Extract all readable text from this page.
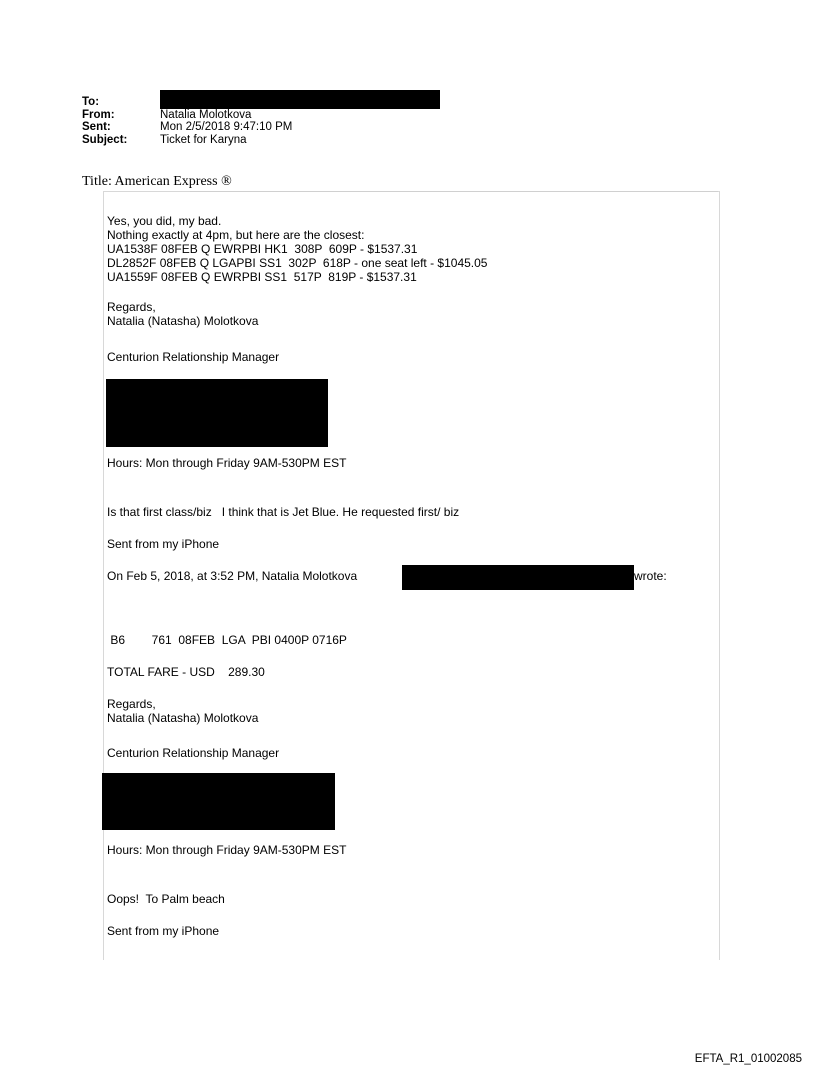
To:
From:	Natalia Molotkova
Sent:	Mon 2/5/2018 9:47:10 PM
Subject:	Ticket for Karyna
Title: American Express ®
Yes, you did, my bad.
Nothing exactly at 4pm, but here are the closest:
UA1538F 08FEB Q EWRPBI HK1  308P  609P - $1537.31
DL2852F 08FEB Q LGAPBI SS1  302P  618P - one seat left - $1045.05
UA1559F 08FEB Q EWRPBI SS1  517P  819P - $1537.31
Regards,
Natalia (Natasha) Molotkova
Centurion Relationship Manager
Hours: Mon through Friday 9AM-530PM EST
Is that first class/biz   I think that is Jet Blue. He requested first/ biz
Sent from my iPhone
On Feb 5, 2018, at 3:52 PM, Natalia Molotkova	wrote:
B6        761  08FEB  LGA  PBI 0400P 0716P
TOTAL FARE - USD    289.30
Regards,
Natalia (Natasha) Molotkova
Centurion Relationship Manager
Hours: Mon through Friday 9AM-530PM EST
Oops!  To Palm beach
Sent from my iPhone
EFTA_R1_01002085
